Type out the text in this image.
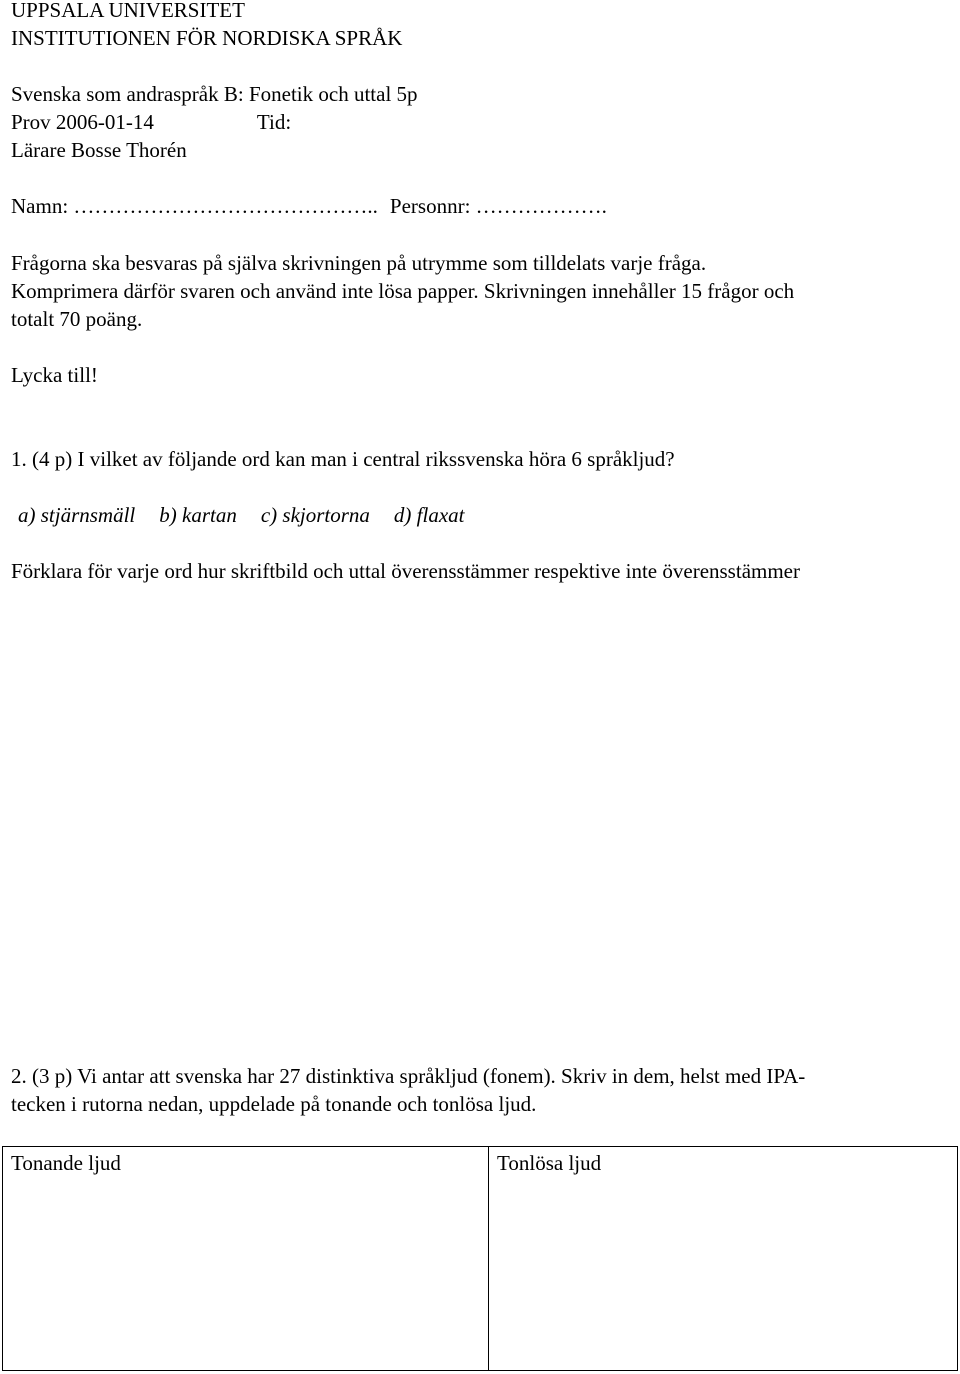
UPPSALA UNIVERSITET

INSTITUTIONEN FÖR NORDISKA SPRÅK

Svenska som andraspråk B: Fonetik och uttal 5p

Prov 2006-01-14	Tid:

Lärare Bosse Thorén

Namn: …………………………………….. Personnr: ……………….

Frågorna ska besvaras på själva skrivningen på utrymme som tilldelats varje fråga.

Komprimera därför svaren och använd inte lösa papper. Skrivningen innehåller 15 frågor och

totalt 70 poäng.

Lycka till!

1. (4 p) I vilket av följande ord kan man i central rikssvenska höra 6 språkljud?

a) stjärnsmäll b) kartan c) skjortorna d) flaxat

Förklara för varje ord hur skriftbild och uttal överensstämmer respektive inte överensstämmer

2. (3 p) Vi antar att svenska har 27 distinktiva språkljud (fonem). Skriv in dem, helst med IPA-

tecken i rutorna nedan, uppdelade på tonande och tonlösa ljud.

Tonande ljud	Tonlösa ljud
